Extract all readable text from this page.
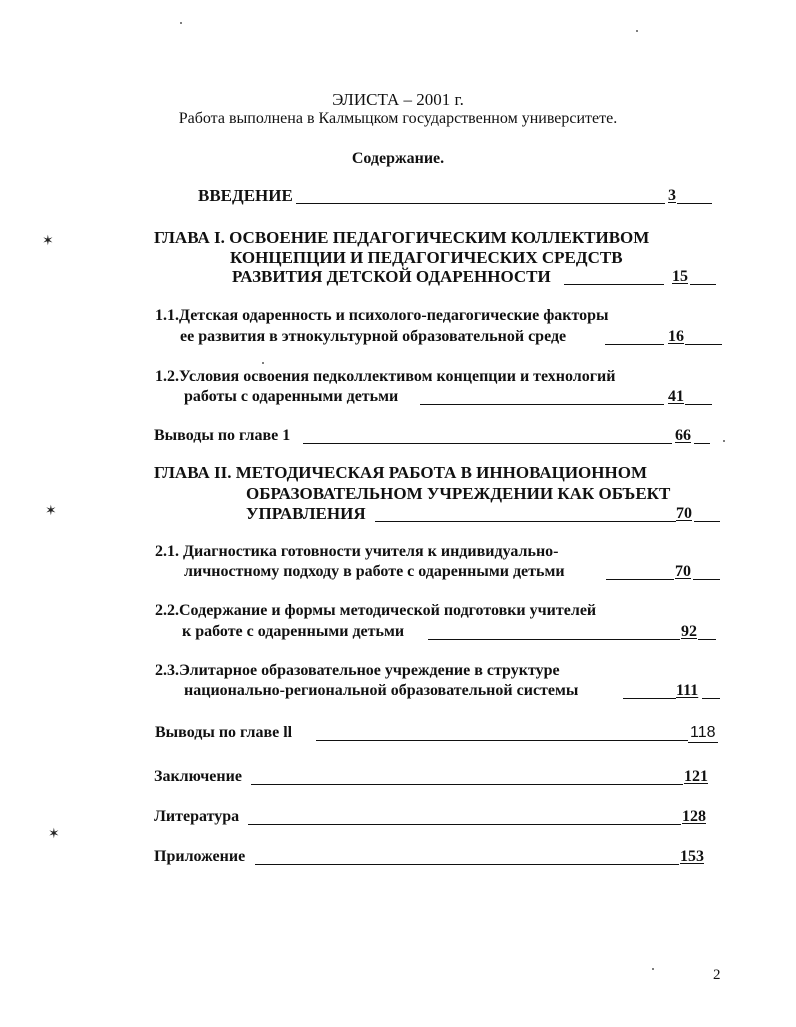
ЭЛИСТА – 2001 г.
Работа выполнена в Калмыцком государственном университете.
Содержание.
ВВЕДЕНИЕ	3
ГЛАВА I. ОСВОЕНИЕ ПЕДАГОГИЧЕСКИМ КОЛЛЕКТИВОМ
КОНЦЕПЦИИ И ПЕДАГОГИЧЕСКИХ СРЕДСТВ
РАЗВИТИЯ ДЕТСКОЙ ОДАРЕННОСТИ	15
1.1.Детская одаренность и психолого-педагогические факторы
ее развития в этнокультурной образовательной среде	16
1.2.Условия освоения педколлективом концепции и технологий
работы с одаренными детьми	41
Выводы по главе 1	66
ГЛАВА II. МЕТОДИЧЕСКАЯ РАБОТА В ИННОВАЦИОННОМ
ОБРАЗОВАТЕЛЬНОМ УЧРЕЖДЕНИИ КАК ОБЪЕКТ
УПРАВЛЕНИЯ	70
2.1. Диагностика готовности учителя к индивидуально-
личностному подходу в работе с одаренными детьми	70
2.2.Содержание и формы методической подготовки учителей
к работе с одаренными детьми	92
2.3.Элитарное образовательное учреждение в структуре
национально-региональной образовательной системы	111
Выводы по главе ll	118
Заключение	121
Литература	128
Приложение	153
2
✶
✶
✶
